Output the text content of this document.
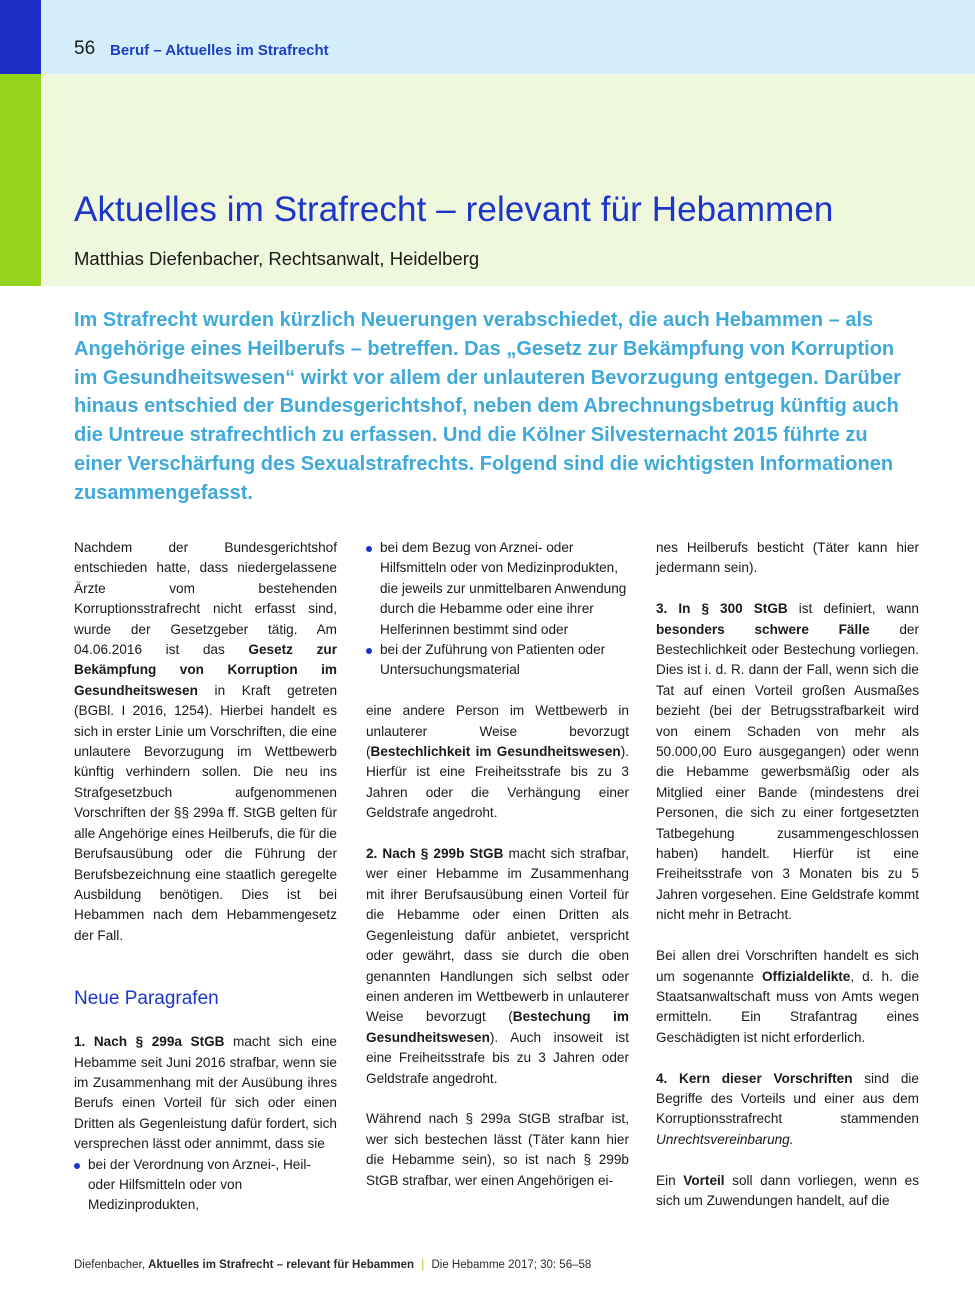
56 Beruf – Aktuelles im Strafrecht
Aktuelles im Strafrecht – relevant für Hebammen
Matthias Diefenbacher, Rechtsanwalt, Heidelberg

Im Strafrecht wurden kürzlich Neuerungen verabschiedet, die auch Hebammen – als Angehörige eines Heilberufs – betreffen. Das „Gesetz zur Bekämpfung von Korruption im Gesundheitswesen“ wirkt vor allem der unlauteren Bevorzugung entgegen. Darüber hinaus entschied der Bundesgerichtshof, neben dem Abrechnungsbetrug künftig auch die Untreue strafrechtlich zu erfassen. Und die Kölner Silvesternacht 2015 führte zu einer Verschärfung des Sexualstrafrechts. Folgend sind die wichtigsten Informationen zusammengefasst.

Nachdem der Bundesgerichtshof entschieden hatte, dass niedergelassene Ärzte vom bestehenden Korruptionsstrafrecht nicht erfasst sind, wurde der Gesetzgeber tätig. Am 04.06.2016 ist das Gesetz zur Bekämpfung von Korruption im Gesundheitswesen in Kraft getreten (BGBl. I 2016, 1254). Hierbei handelt es sich in erster Linie um Vorschriften, die eine unlautere Bevorzugung im Wettbewerb künftig verhindern sollen. Die neu ins Strafgesetzbuch aufgenommenen Vorschriften der §§ 299a ff. StGB gelten für alle Angehörige eines Heilberufs, die für die Berufsausübung oder die Führung der Berufsbezeichnung eine staatlich geregelte Ausbildung benötigen. Dies ist bei Hebammen nach dem Hebammengesetz der Fall.

Neue Paragrafen

1. Nach § 299a StGB macht sich eine Hebamme seit Juni 2016 strafbar, wenn sie im Zusammenhang mit der Ausübung ihres Berufs einen Vorteil für sich oder einen Dritten als Gegenleistung dafür fordert, sich versprechen lässt oder annimmt, dass sie

bei der Verordnung von Arznei-, Heil- oder Hilfsmitteln oder von Medizinprodukten,
bei dem Bezug von Arznei- oder Hilfsmitteln oder von Medizinprodukten, die jeweils zur unmittelbaren Anwendung durch die Hebamme oder eine ihrer Helferinnen bestimmt sind oder
bei der Zuführung von Patienten oder Untersuchungsmaterial

eine andere Person im Wettbewerb in unlauterer Weise bevorzugt (Bestechlichkeit im Gesundheitswesen). Hierfür ist eine Freiheitsstrafe bis zu 3 Jahren oder die Verhängung einer Geldstrafe angedroht.

2. Nach § 299b StGB macht sich strafbar, wer einer Hebamme im Zusammenhang mit ihrer Berufsausübung einen Vorteil für die Hebamme oder einen Dritten als Gegenleistung dafür anbietet, verspricht oder gewährt, dass sie durch die oben genannten Handlungen sich selbst oder einen anderen im Wettbewerb in unlauterer Weise bevorzugt (Bestechung im Gesundheitswesen). Auch insoweit ist eine Freiheitsstrafe bis zu 3 Jahren oder Geldstrafe angedroht.

Während nach § 299a StGB strafbar ist, wer sich bestechen lässt (Täter kann hier die Hebamme sein), so ist nach § 299b StGB strafbar, wer einen Angehörigen ei-

nes Heilberufs besticht (Täter kann hier jedermann sein).

3. In § 300 StGB ist definiert, wann besonders schwere Fälle der Bestechlichkeit oder Bestechung vorliegen. Dies ist i. d. R. dann der Fall, wenn sich die Tat auf einen Vorteil großen Ausmaßes bezieht (bei der Betrugsstrafbarkeit wird von einem Schaden von mehr als 50.000,00 Euro ausgegangen) oder wenn die Hebamme gewerbsmäßig oder als Mitglied einer Bande (mindestens drei Personen, die sich zu einer fortgesetzten Tatbegehung zusammengeschlossen haben) handelt. Hierfür ist eine Freiheitsstrafe von 3 Monaten bis zu 5 Jahren vorgesehen. Eine Geldstrafe kommt nicht mehr in Betracht.

Bei allen drei Vorschriften handelt es sich um sogenannte Offizialdelikte, d. h. die Staatsanwaltschaft muss von Amts wegen ermitteln. Ein Strafantrag eines Geschädigten ist nicht erforderlich.

4. Kern dieser Vorschriften sind die Begriffe des Vorteils und einer aus dem Korruptionsstrafrecht stammenden Unrechtsvereinbarung.

Ein Vorteil soll dann vorliegen, wenn es sich um Zuwendungen handelt, auf die

Diefenbacher, Aktuelles im Strafrecht – relevant für Hebammen | Die Hebamme 2017; 30: 56–58
